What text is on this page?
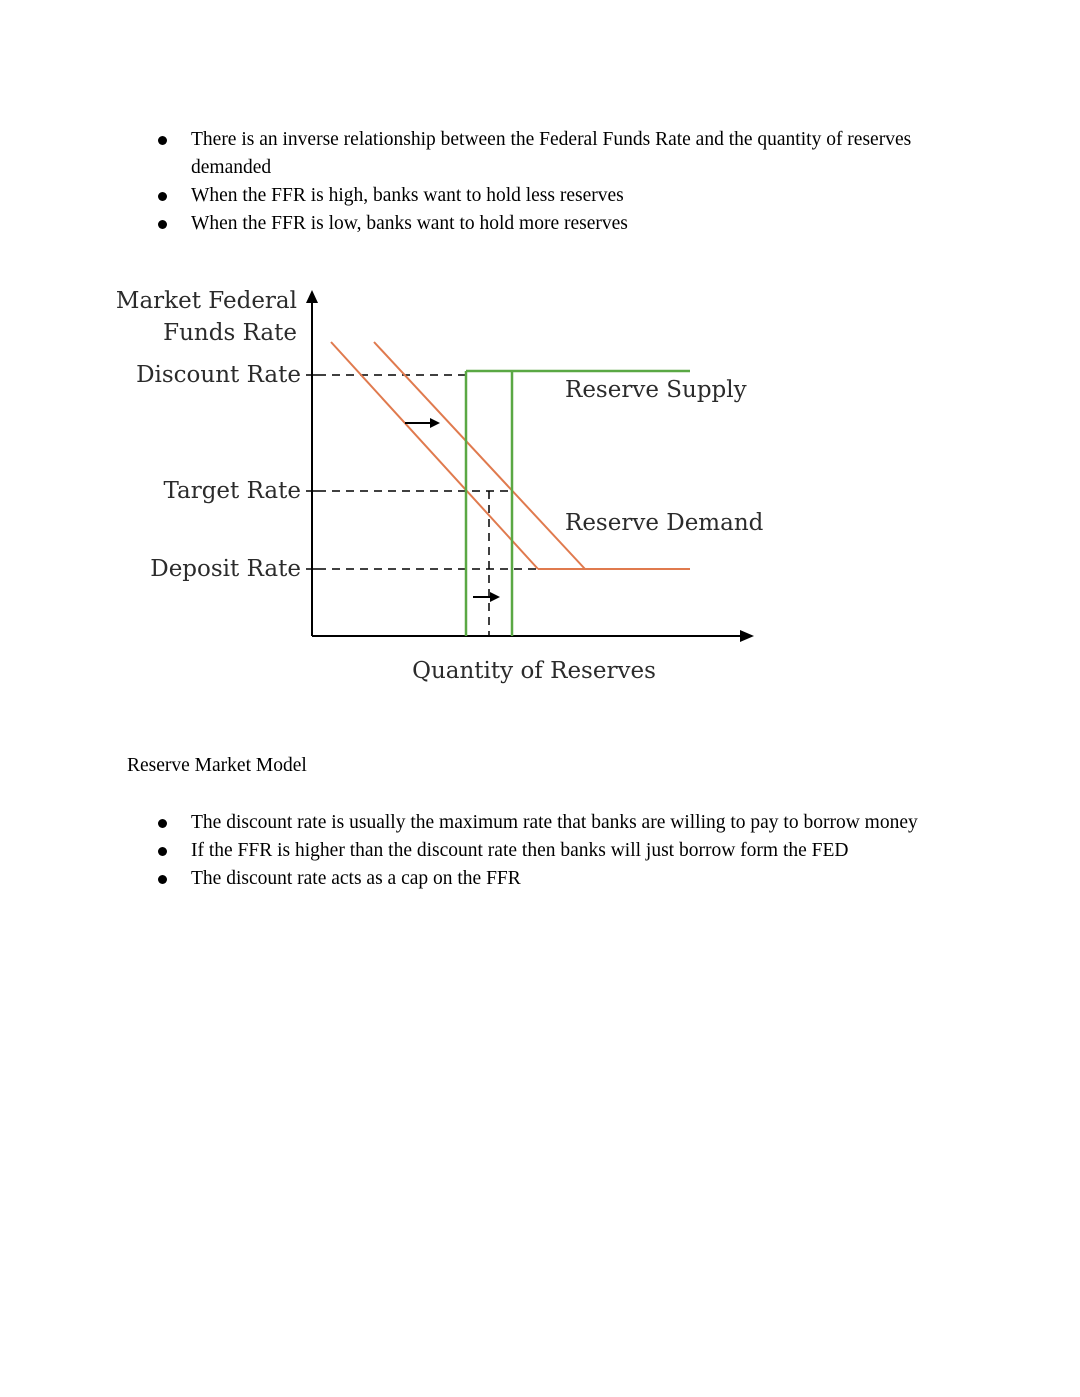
There is an inverse relationship between the Federal Funds Rate and the quantity of reserves demanded
When the FFR is high, banks want to hold less reserves
When the FFR is low, banks want to hold more reserves
Market Federal
Funds Rate
Discount Rate
Target Rate
Deposit Rate
Reserve Supply
Reserve Demand
Quantity of Reserves
Reserve Market Model
The discount rate is usually the maximum rate that banks are willing to pay to borrow money
If the FFR is higher than the discount rate then banks will just borrow form the FED
The discount rate acts as a cap on the FFR
